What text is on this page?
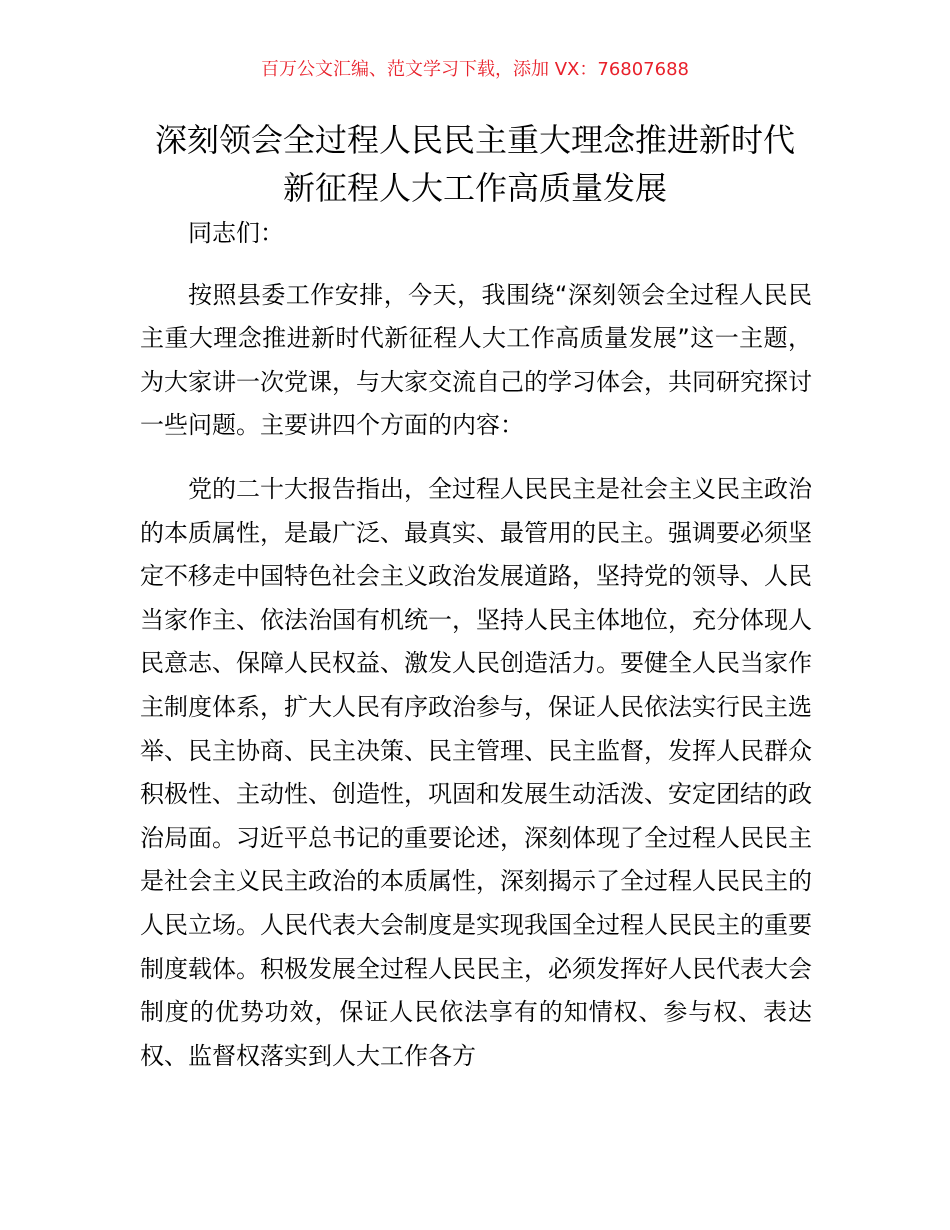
百万公文汇编、范文学习下载，添加 VX：76807688
深刻领会全过程人民民主重大理念推进新时代
新征程人大工作高质量发展

同志们：

按照县委工作安排，今天，我围绕“深刻领会全过程人民民主重大理念推进新时代新征程人大工作高质量发展”这一主题，为大家讲一次党课，与大家交流自己的学习体会，共同研究探讨一些问题。主要讲四个方面的内容：

党的二十大报告指出，全过程人民民主是社会主义民主政治的本质属性，是最广泛、最真实、最管用的民主。强调要必须坚定不移走中国特色社会主义政治发展道路，坚持党的领导、人民当家作主、依法治国有机统一，坚持人民主体地位，充分体现人民意志、保障人民权益、激发人民创造活力。要健全人民当家作主制度体系，扩大人民有序政治参与，保证人民依法实行民主选举、民主协商、民主决策、民主管理、民主监督，发挥人民群众积极性、主动性、创造性，巩固和发展生动活泼、安定团结的政治局面。习近平总书记的重要论述，深刻体现了全过程人民民主是社会主义民主政治的本质属性，深刻揭示了全过程人民民主的人民立场。人民代表大会制度是实现我国全过程人民民主的重要制度载体。积极发展全过程人民民主，必须发挥好人民代表大会制度的优势功效，保证人民依法享有的知情权、参与权、表达权、监督权落实到人大工作各方
